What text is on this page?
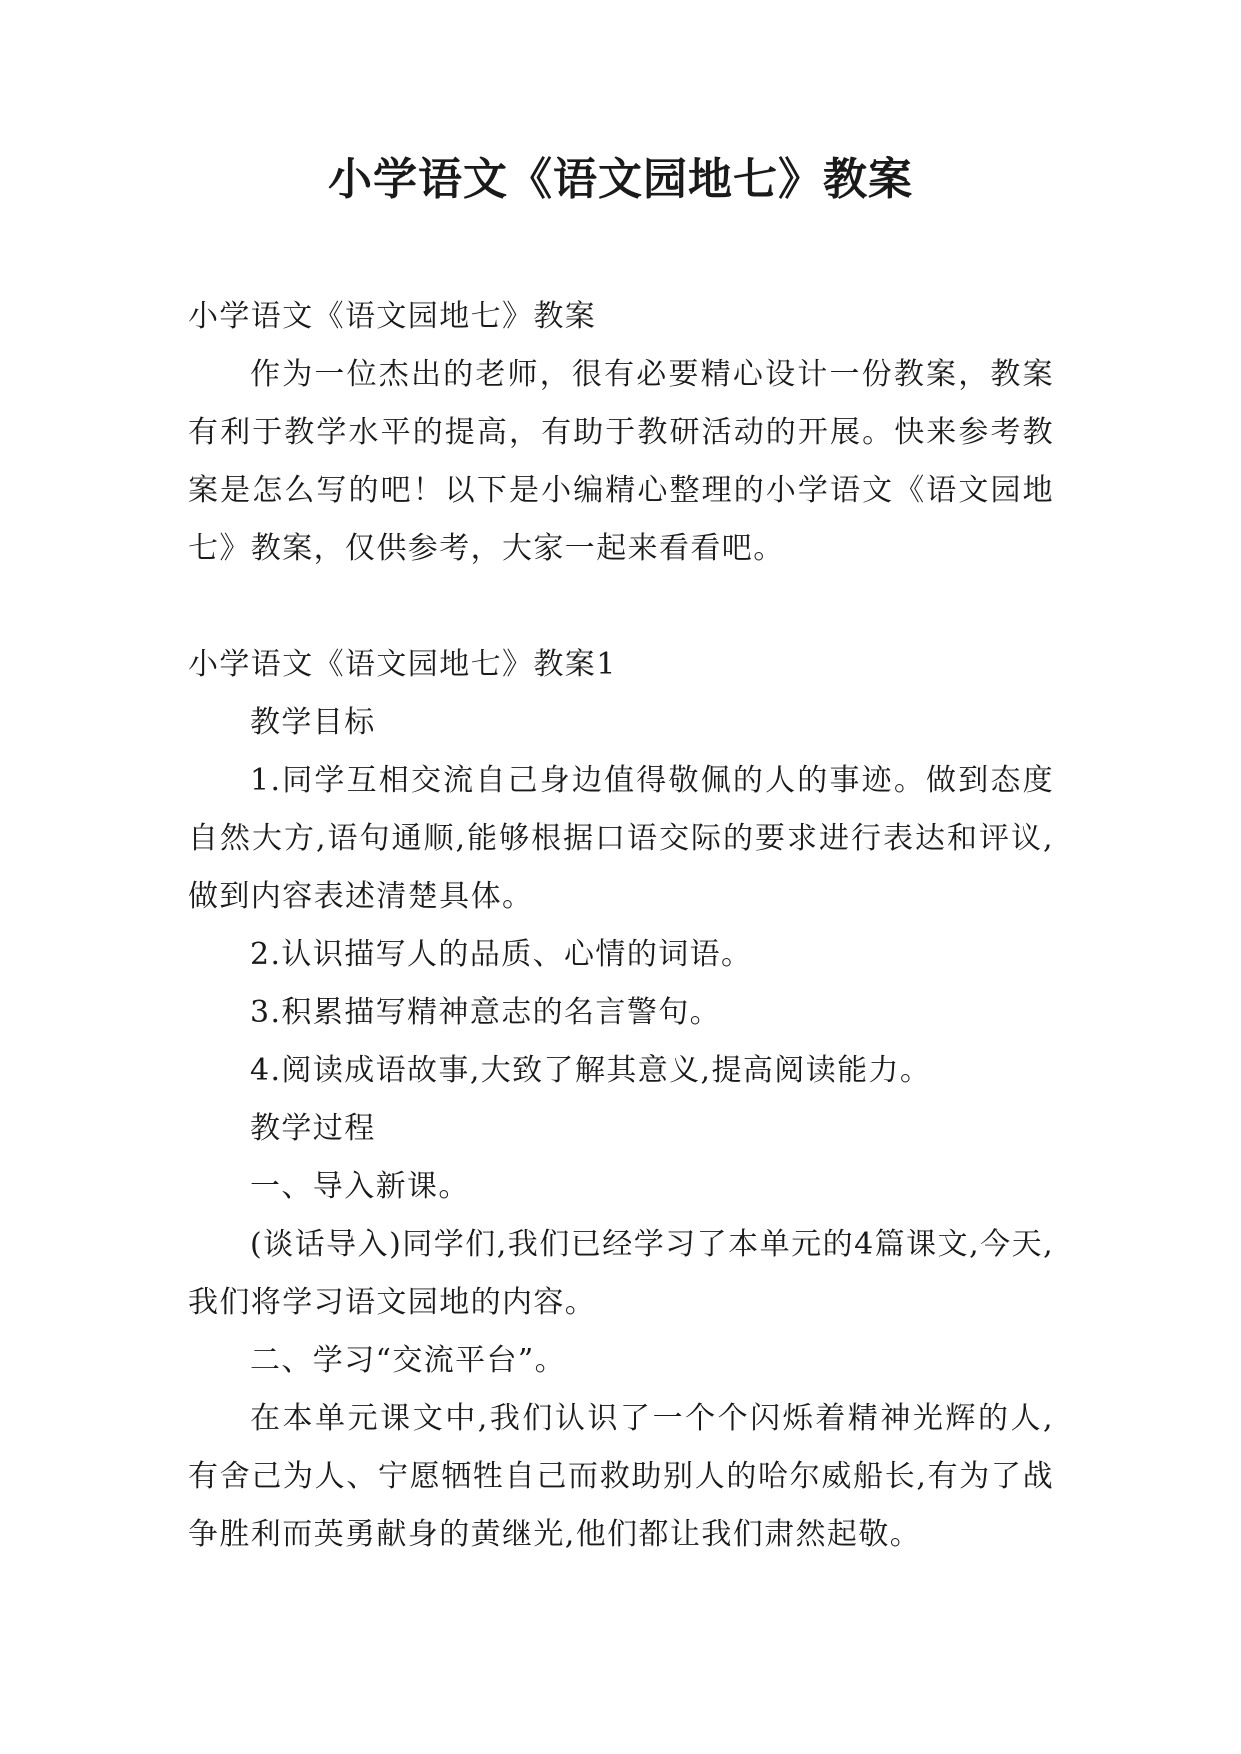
小学语文《语文园地七》教案

小学语文《语文园地七》教案

作为一位杰出的老师，很有必要精心设计一份教案，教案有利于教学水平的提高，有助于教研活动的开展。快来参考教案是怎么写的吧！以下是小编精心整理的小学语文《语文园地七》教案，仅供参考，大家一起来看看吧。

小学语文《语文园地七》教案1

教学目标

1.同学互相交流自己身边值得敬佩的人的事迹。做到态度自然大方,语句通顺,能够根据口语交际的要求进行表达和评议,做到内容表述清楚具体。

2.认识描写人的品质、心情的词语。

3.积累描写精神意志的名言警句。

4.阅读成语故事,大致了解其意义,提高阅读能力。

教学过程

一、导入新课。

(谈话导入)同学们,我们已经学习了本单元的4篇课文,今天,我们将学习语文园地的内容。

二、学习“交流平台”。

在本单元课文中,我们认识了一个个闪烁着精神光辉的人,有舍己为人、宁愿牺牲自己而救助别人的哈尔威船长,有为了战争胜利而英勇献身的黄继光,他们都让我们肃然起敬。
